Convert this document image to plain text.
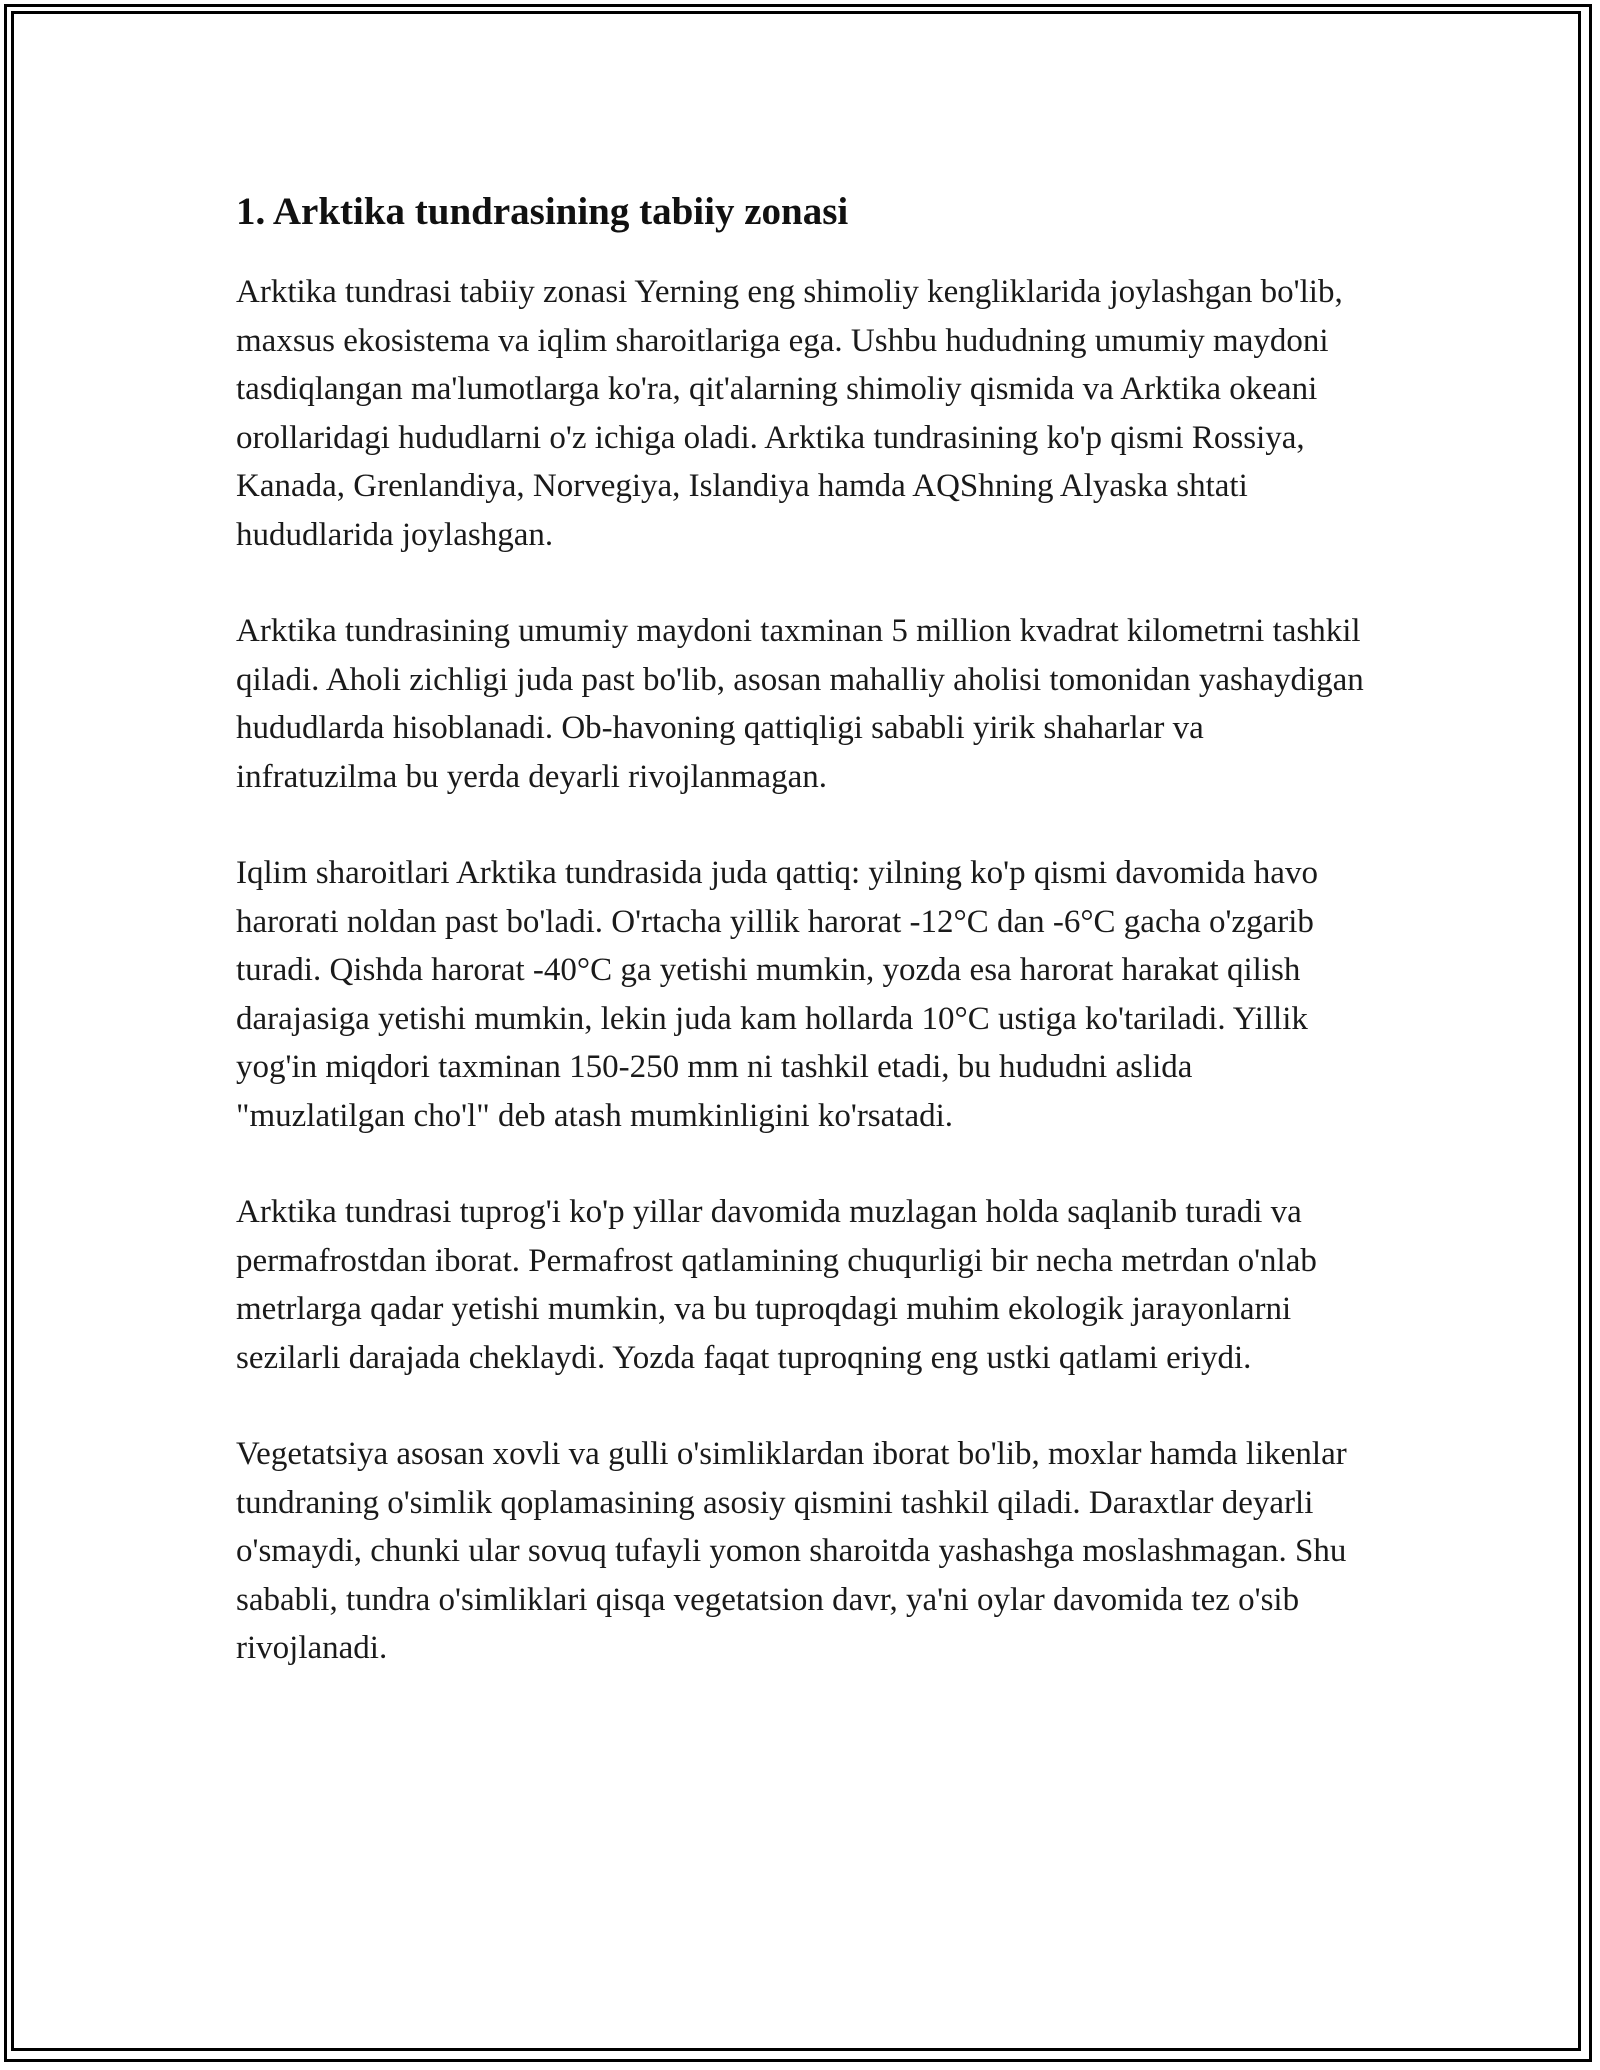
1. Arktika tundrasining tabiiy zonasi

Arktika tundrasi tabiiy zonasi Yerning eng shimoliy kengliklarida joylashgan bo'lib, maxsus ekosistema va iqlim sharoitlariga ega. Ushbu hududning umumiy maydoni tasdiqlangan ma'lumotlarga ko'ra, qit'alarning shimoliy qismida va Arktika okeani orollaridagi hududlarni o'z ichiga oladi. Arktika tundrasining ko'p qismi Rossiya, Kanada, Grenlandiya, Norvegiya, Islandiya hamda AQShning Alyaska shtati hududlarida joylashgan.

Arktika tundrasining umumiy maydoni taxminan 5 million kvadrat kilometrni tashkil qiladi. Aholi zichligi juda past bo'lib, asosan mahalliy aholisi tomonidan yashaydigan hududlarda hisoblanadi. Ob-havoning qattiqligi sababli yirik shaharlar va infratuzilma bu yerda deyarli rivojlanmagan.

Iqlim sharoitlari Arktika tundrasida juda qattiq: yilning ko'p qismi davomida havo harorati noldan past bo'ladi. O'rtacha yillik harorat -12°C dan -6°C gacha o'zgarib turadi. Qishda harorat -40°C ga yetishi mumkin, yozda esa harorat harakat qilish darajasiga yetishi mumkin, lekin juda kam hollarda 10°C ustiga ko'tariladi. Yillik yog'in miqdori taxminan 150-250 mm ni tashkil etadi, bu hududni aslida "muzlatilgan cho'l" deb atash mumkinligini ko'rsatadi.

Arktika tundrasi tuprog'i ko'p yillar davomida muzlagan holda saqlanib turadi va permafrostdan iborat. Permafrost qatlamining chuqurligi bir necha metrdan o'nlab metrlarga qadar yetishi mumkin, va bu tuproqdagi muhim ekologik jarayonlarni sezilarli darajada cheklaydi. Yozda faqat tuproqning eng ustki qatlami eriydi.

Vegetatsiya asosan xovli va gulli o'simliklardan iborat bo'lib, moxlar hamda likenlar tundraning o'simlik qoplamasining asosiy qismini tashkil qiladi. Daraxtlar deyarli o'smaydi, chunki ular sovuq tufayli yomon sharoitda yashashga moslashmagan. Shu sababli, tundra o'simliklari qisqa vegetatsion davr, ya'ni oylar davomida tez o'sib rivojlanadi.
